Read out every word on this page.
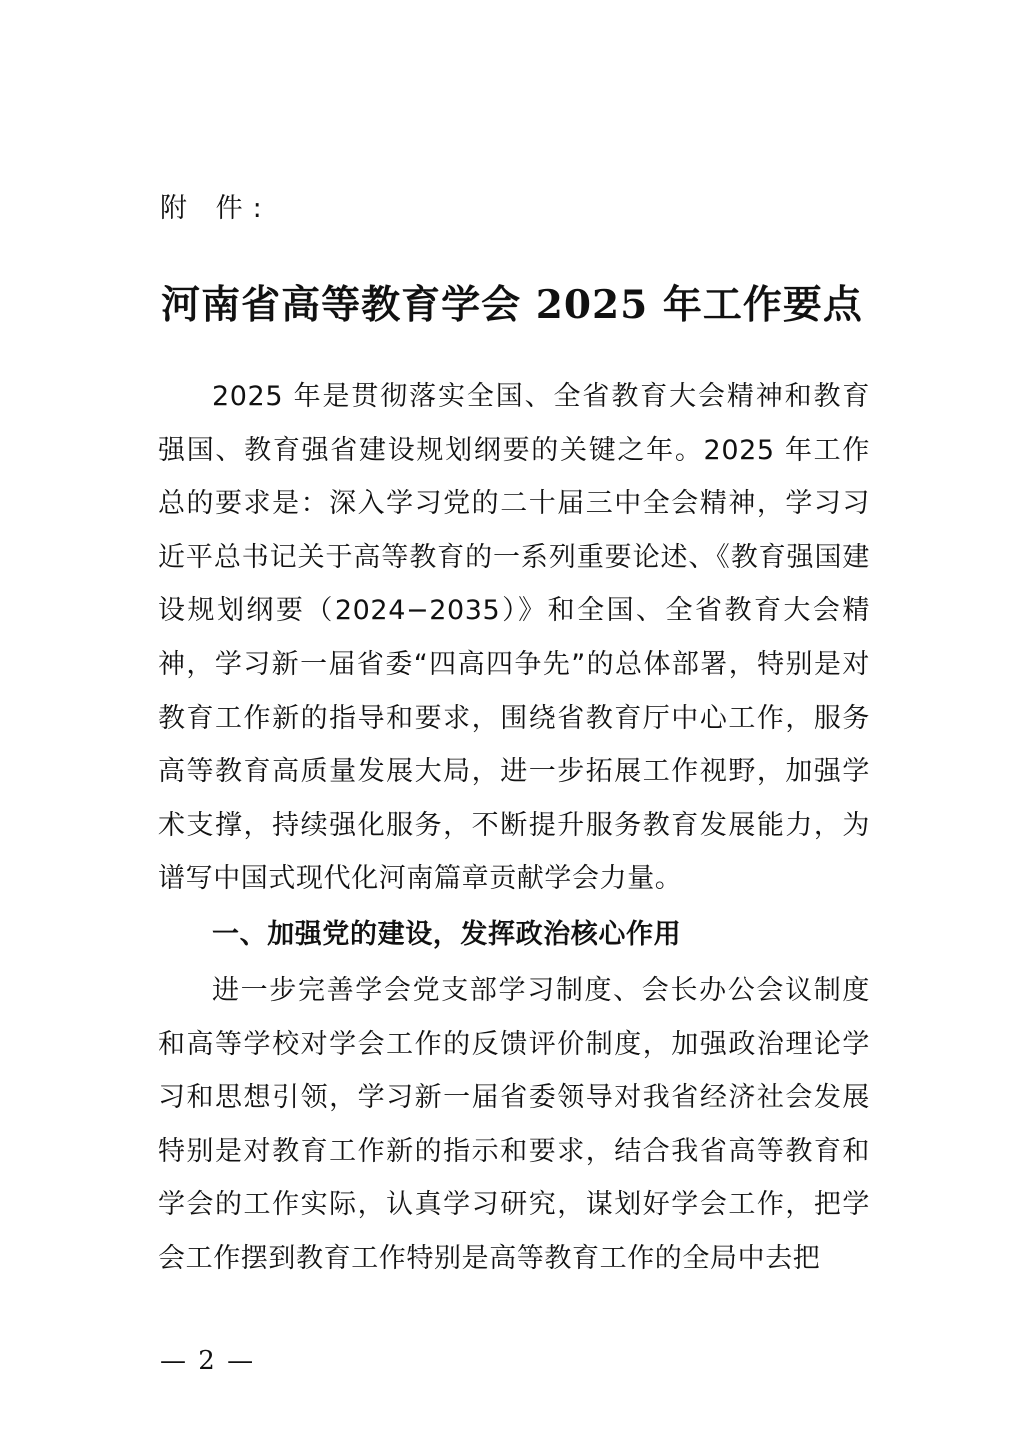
附 件:
河南省高等教育学会 2025 年工作要点

2025 年是贯彻落实全国、全省教育大会精神和教育强国、教育强省建设规划纲要的关键之年。2025 年工作总的要求是：深入学习党的二十届三中全会精神，学习习近平总书记关于高等教育的一系列重要论述、《教育强国建设规划纲要（2024−2035）》和全国、全省教育大会精神，学习新一届省委“四高四争先”的总体部署，特别是对教育工作新的指导和要求，围绕省教育厅中心工作，服务高等教育高质量发展大局，进一步拓展工作视野，加强学术支撑，持续强化服务，不断提升服务教育发展能力，为谱写中国式现代化河南篇章贡献学会力量。

一、加强党的建设，发挥政治核心作用

进一步完善学会党支部学习制度、会长办公会议制度和高等学校对学会工作的反馈评价制度，加强政治理论学习和思想引领，学习新一届省委领导对我省经济社会发展特别是对教育工作新的指示和要求，结合我省高等教育和学会的工作实际，认真学习研究，谋划好学会工作，把学会工作摆到教育工作特别是高等教育工作的全局中去把

— 2 —
